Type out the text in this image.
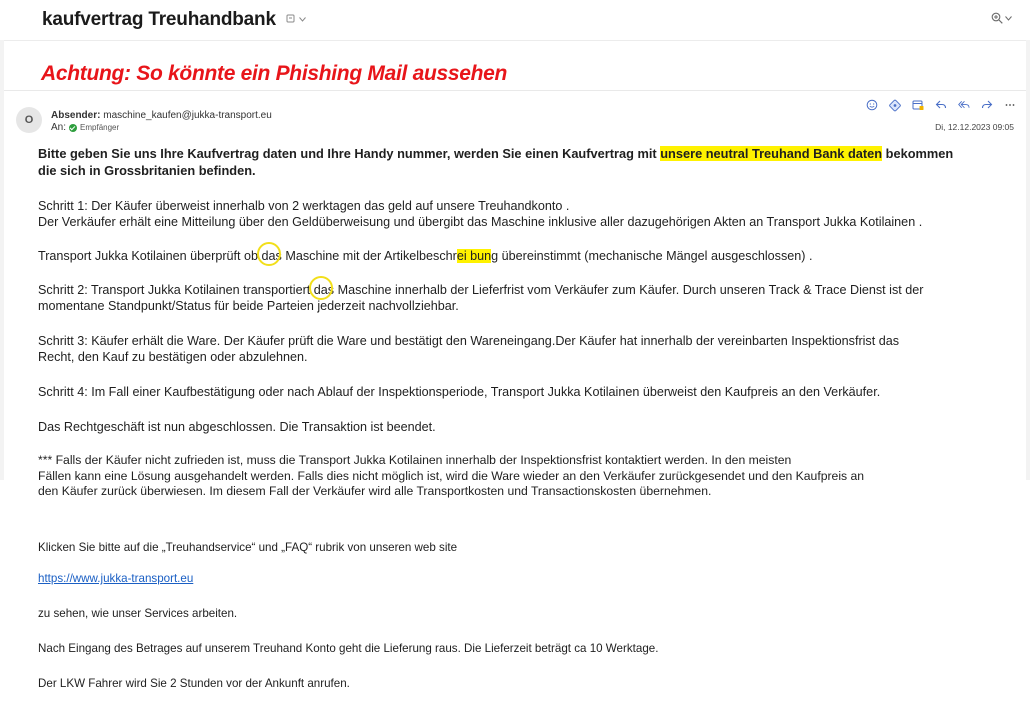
kaufvertrag Treuhandbank
Achtung: So könnte ein Phishing Mail aussehen
O	Absender: maschine_kaufen@jukka-transport.eu
An: Empfänger	Di, 12.12.2023 09:05
Bitte geben Sie uns Ihre Kaufvertrag daten und Ihre Handy nummer, werden Sie einen Kaufvertrag mit unsere neutral Treuhand Bank daten bekommen
die sich in Grossbritanien befinden.
Schritt 1: Der Käufer überweist innerhalb von 2 werktagen das geld auf unsere Treuhandkonto .
Der Verkäufer erhält eine Mitteilung über den Geldüberweisung und übergibt das Maschine inklusive aller dazugehörigen Akten an Transport Jukka Kotilainen .
Transport Jukka Kotilainen überprüft ob das Maschine mit der Artikelbeschrei bung übereinstimmt (mechanische Mängel ausgeschlossen) .
Schritt 2: Transport Jukka Kotilainen transportiert das Maschine innerhalb der Lieferfrist vom Verkäufer zum Käufer. Durch unseren Track & Trace Dienst ist der
momentane Standpunkt/Status für beide Parteien jederzeit nachvollziehbar.
Schritt 3: Käufer erhält die Ware. Der Käufer prüft die Ware und bestätigt den Wareneingang.Der Käufer hat innerhalb der vereinbarten Inspektionsfrist das
Recht, den Kauf zu bestätigen oder abzulehnen.
Schritt 4: Im Fall einer Kaufbestätigung oder nach Ablauf der Inspektionsperiode, Transport Jukka Kotilainen überweist den Kaufpreis an den Verkäufer.
Das Rechtgeschäft ist nun abgeschlossen. Die Transaktion ist beendet.
*** Falls der Käufer nicht zufrieden ist, muss die Transport Jukka Kotilainen innerhalb der Inspektionsfrist kontaktiert werden. In den meisten
Fällen kann eine Lösung ausgehandelt werden. Falls dies nicht möglich ist, wird die Ware wieder an den Verkäufer zurückgesendet und den Kaufpreis an
den Käufer zurück überwiesen. Im diesem Fall der Verkäufer wird alle Transportkosten und Transactionskosten übernehmen.
Klicken Sie bitte auf die „Treuhandservice“ und „FAQ“ rubrik von unseren web site
https://www.jukka-transport.eu
zu sehen, wie unser Services arbeiten.
Nach Eingang des Betrages auf unserem Treuhand Konto geht die Lieferung raus. Die Lieferzeit beträgt ca 10 Werktage.
Der LKW Fahrer wird Sie 2 Stunden vor der Ankunft anrufen.
